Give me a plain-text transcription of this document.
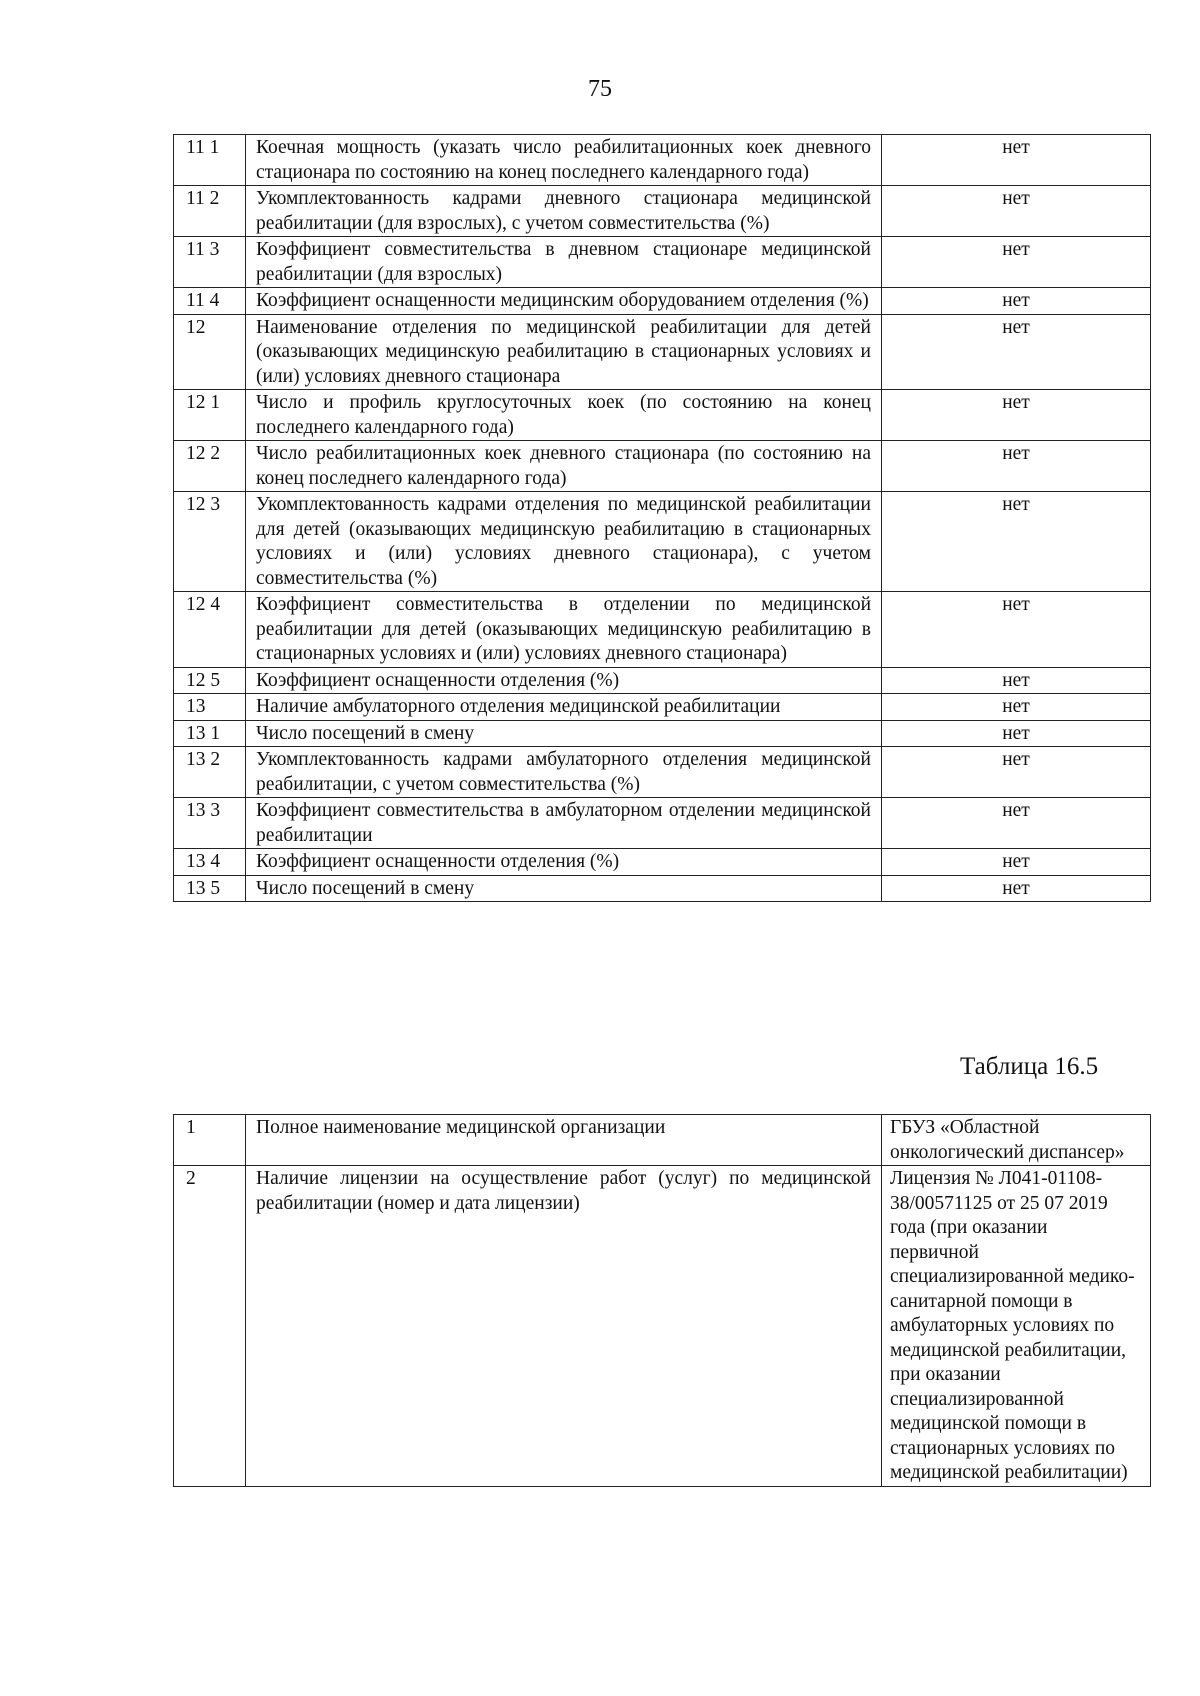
75
11 1	Коечная мощность (указать число реабилитационных коек дневного стационара по состоянию на конец последнего календарного года)	нет
11 2	Укомплектованность кадрами дневного стационара медицинской реабилитации (для взрослых), с учетом совместительства (%)	нет
11 3	Коэффициент совместительства в дневном стационаре медицинской реабилитации (для взрослых)	нет
11 4	Коэффициент оснащенности медицинским оборудованием отделения (%)	нет
12	Наименование отделения по медицинской реабилитации для детей (оказывающих медицинскую реабилитацию в стационарных условиях и (или) условиях дневного стационара	нет
12 1	Число и профиль круглосуточных коек (по состоянию на конец последнего календарного года)	нет
12 2	Число реабилитационных коек дневного стационара (по состоянию на конец последнего календарного года)	нет
12 3	Укомплектованность кадрами отделения по медицинской реабилитации для детей (оказывающих медицинскую реабилитацию в стационарных условиях и (или) условиях дневного стационара), с учетом совместительства (%)	нет
12 4	Коэффициент совместительства в отделении по медицинской реабилитации для детей (оказывающих медицинскую реабилитацию в стационарных условиях и (или) условиях дневного стационара)	нет
12 5	Коэффициент оснащенности отделения (%)	нет
13	Наличие амбулаторного отделения медицинской реабилитации	нет
13 1	Число посещений в смену	нет
13 2	Укомплектованность кадрами амбулаторного отделения медицинской реабилитации, с учетом совместительства (%)	нет
13 3	Коэффициент совместительства в амбулаторном отделении медицинской реабилитации	нет
13 4	Коэффициент оснащенности отделения (%)	нет
13 5	Число посещений в смену	нет
Таблица 16.5
1	Полное наименование медицинской организации	ГБУЗ «Областной онкологический диспансер»
2	Наличие лицензии на осуществление работ (услуг) по медицинской реабилитации (номер и дата лицензии)	Лицензия № Л041-01108-38/00571125 от 25 07 2019 года (при оказании первичной специализированной медико-санитарной помощи в амбулаторных условиях по медицинской реабилитации, при оказании специализированной медицинской помощи в стационарных условиях по медицинской реабилитации)
